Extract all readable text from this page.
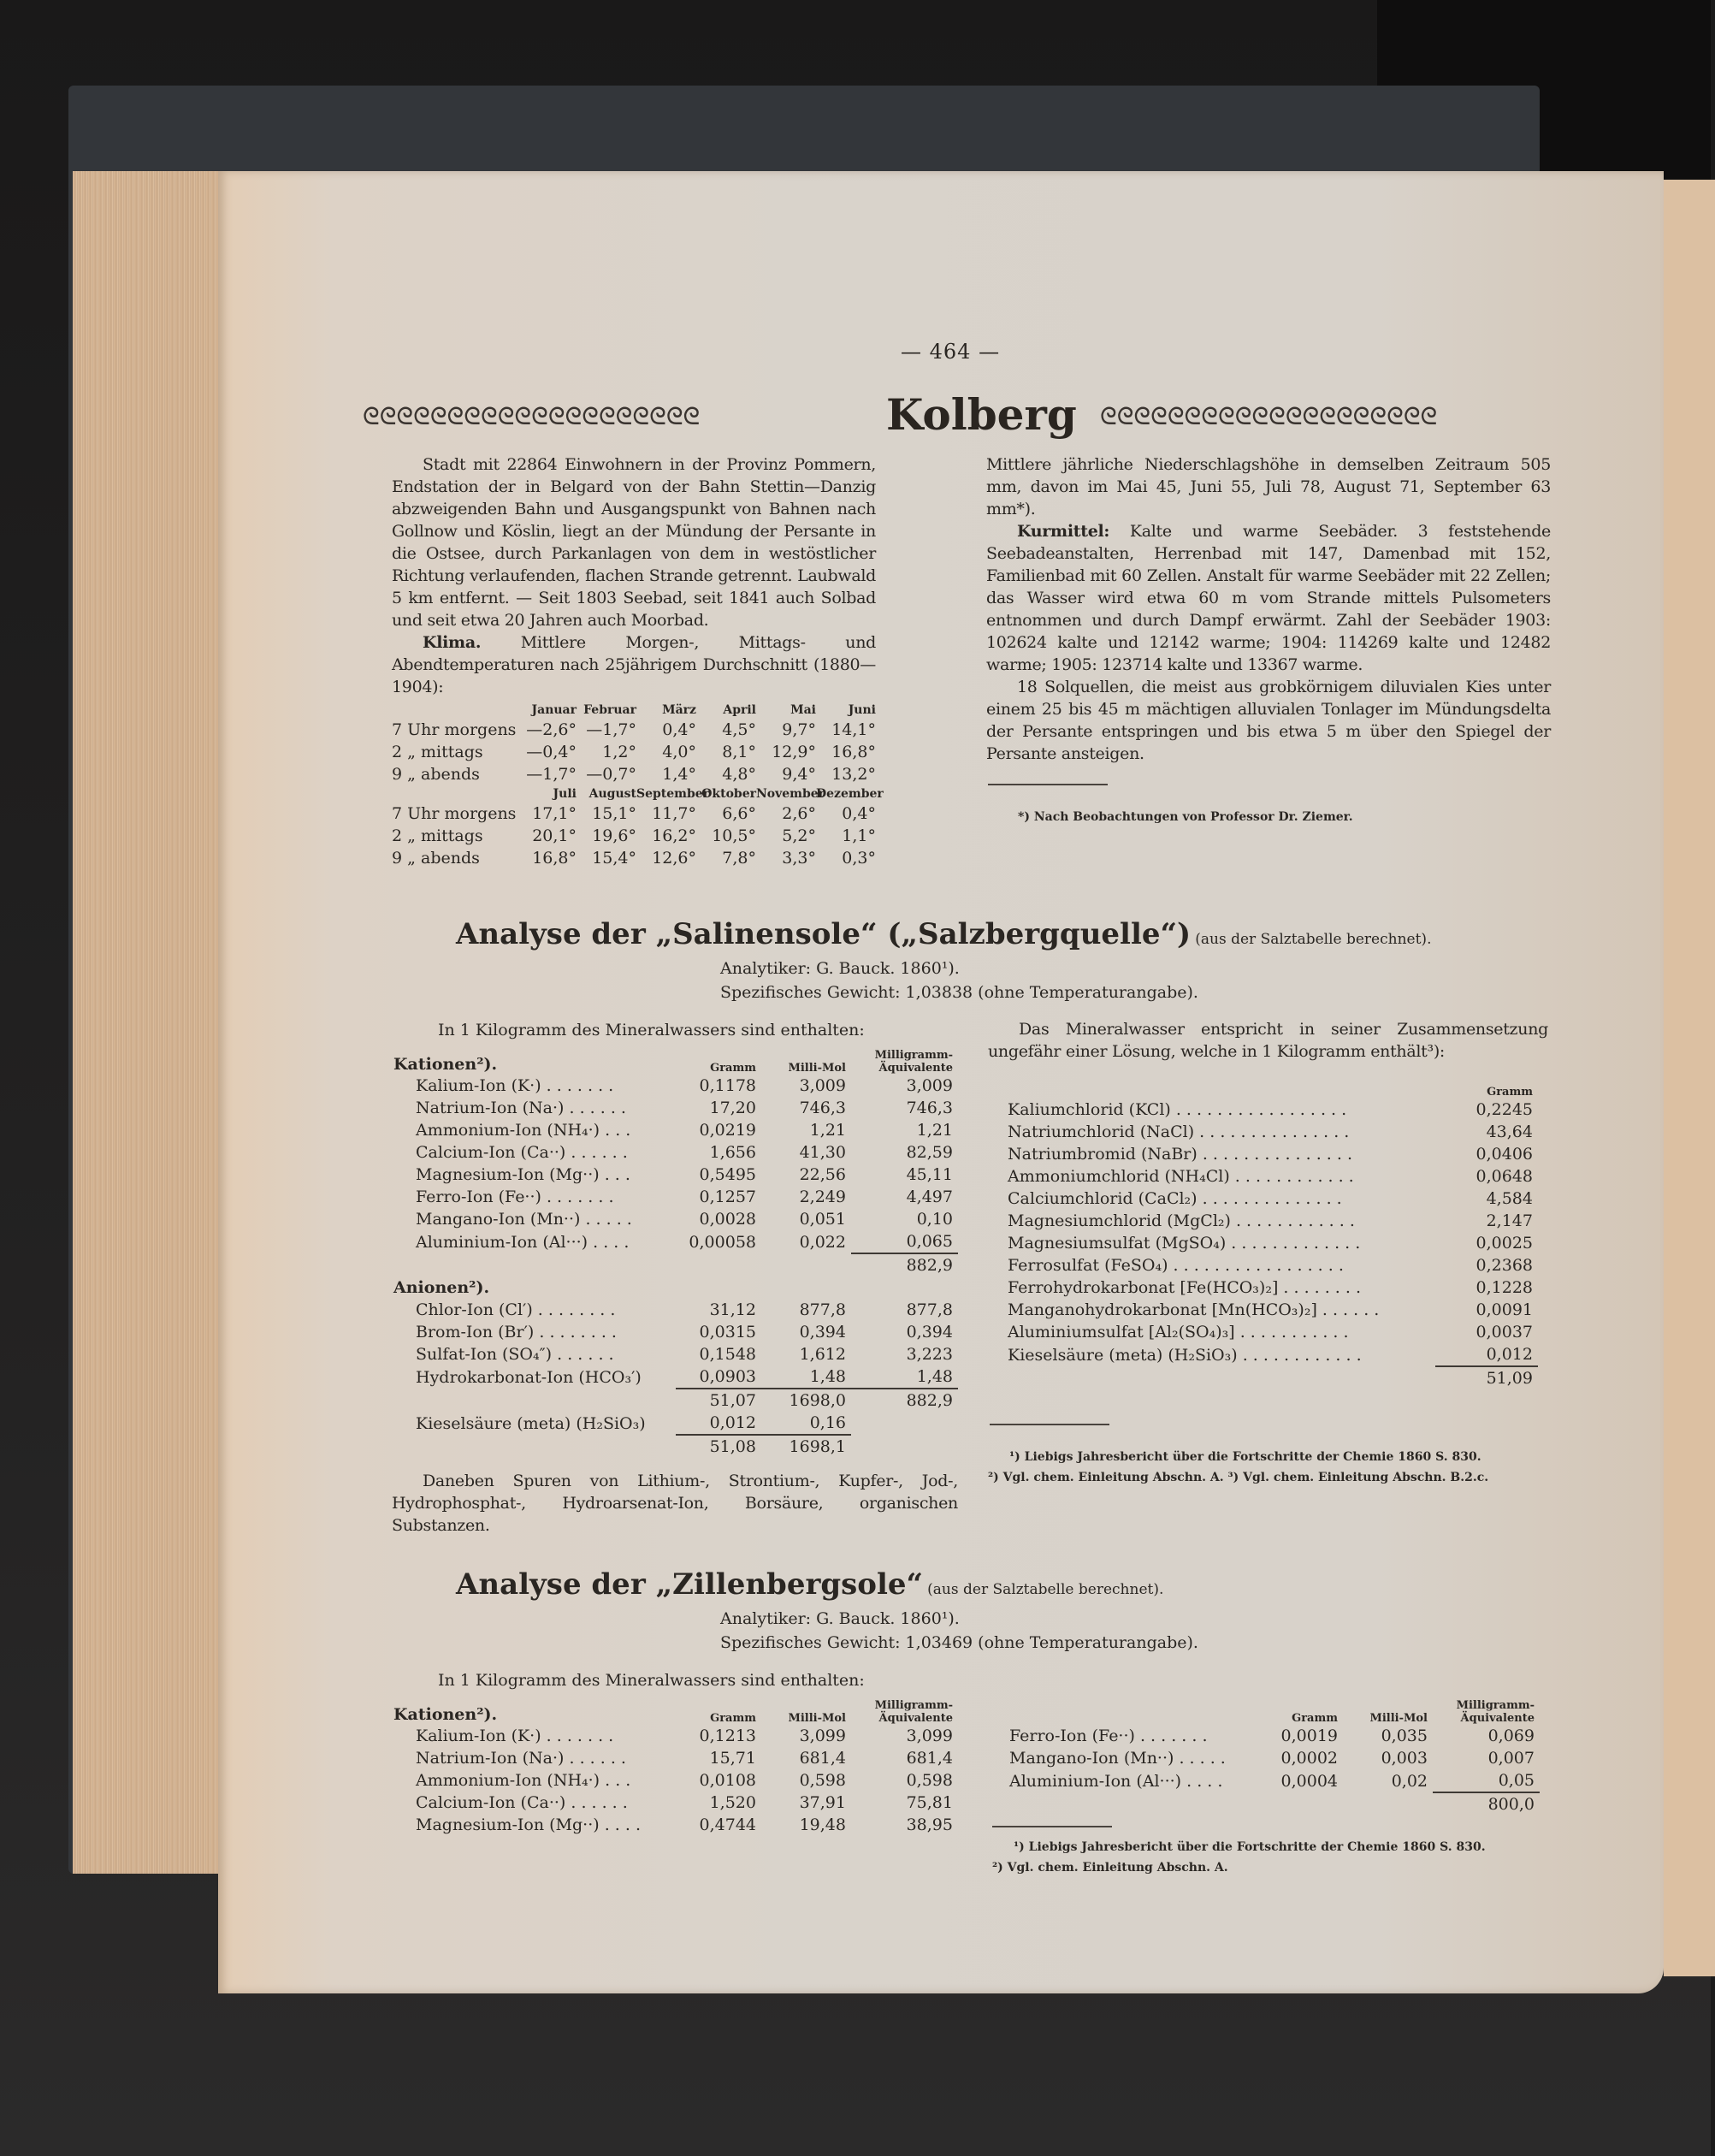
— 464 —
ᘓᘓᘓᘓᘓᘓᘓᘓᘓᘓᘓᘓᘓᘓᘓᘓᘓᘓᘓᘓ	Kolberg ᘓᘓᘓᘓᘓᘓᘓᘓᘓᘓᘓᘓᘓᘓᘓᘓᘓᘓᘓᘓ

Stadt mit 22864 Einwohnern in der Provinz Pommern, Endstation der in Belgard von der Bahn Stettin—Danzig abzweigenden Bahn und Ausgangspunkt von Bahnen nach Gollnow und Köslin, liegt an der Mündung der Persante in die Ostsee, durch Parkanlagen von dem in westöstlicher Richtung verlaufenden, flachen Strande getrennt. Laubwald 5 km entfernt. — Seit 1803 Seebad, seit 1841 auch Solbad und seit etwa 20 Jahren auch Moorbad.

Klima. Mittlere Morgen-, Mittags- und Abendtemperaturen nach 25jährigem Durchschnitt (1880—1904):

	Januar	Februar	März	April	Mai	Juni
7 Uhr morgens	—2,6°	—1,7°	0,4°	4,5°	9,7°	14,1°
2 „ mittags	—0,4°	1,2°	4,0°	8,1°	12,9°	16,8°
9 „ abends	—1,7°	—0,7°	1,4°	4,8°	9,4°	13,2°
	Juli	August	September	Oktober	November	Dezember
7 Uhr morgens	17,1°	15,1°	11,7°	6,6°	2,6°	0,4°
2 „ mittags	20,1°	19,6°	16,2°	10,5°	5,2°	1,1°
9 „ abends	16,8°	15,4°	12,6°	7,8°	3,3°	0,3°

Mittlere jährliche Niederschlagshöhe in demselben Zeitraum 505 mm, davon im Mai 45, Juni 55, Juli 78, August 71, September 63 mm*).

Kurmittel: Kalte und warme Seebäder. 3 feststehende Seebadeanstalten, Herrenbad mit 147, Damenbad mit 152, Familienbad mit 60 Zellen. Anstalt für warme Seebäder mit 22 Zellen; das Wasser wird etwa 60 m vom Strande mittels Pulsometers entnommen und durch Dampf erwärmt. Zahl der Seebäder 1903: 102624 kalte und 12142 warme; 1904: 114269 kalte und 12482 warme; 1905: 123714 kalte und 13367 warme.

18 Solquellen, die meist aus grobkörnigem diluvialen Kies unter einem 25 bis 45 m mächtigen alluvialen Tonlager im Mündungsdelta der Persante entspringen und bis etwa 5 m über den Spiegel der Persante ansteigen.

*) Nach Beobachtungen von Professor Dr. Ziemer.
Analyse der „Salinensole“ („Salzbergquelle“) (aus der Salztabelle berechnet).
Analytiker: G. Bauck. 1860¹).
Spezifisches Gewicht: 1,03838 (ohne Temperaturangabe).
In 1 Kilogramm des Mineralwassers sind enthalten:
Kationen²).	Gramm	Milli-Mol	Milligramm-Äquivalente
Kalium-Ion (K·) . . . . . . .	0,1178	3,009	3,009
Natrium-Ion (Na·) . . . . . .	17,20	746,3	746,3
Ammonium-Ion (NH₄·) . . .	0,0219	1,21	1,21
Calcium-Ion (Ca··) . . . . . .	1,656	41,30	82,59
Magnesium-Ion (Mg··) . . .	0,5495	22,56	45,11
Ferro-Ion (Fe··) . . . . . . .	0,1257	2,249	4,497
Mangano-Ion (Mn··) . . . . .	0,0028	0,051	0,10
Aluminium-Ion (Al···) . . . .	0,00058	0,022	0,065
			882,9
Anionen²).			
Chlor-Ion (Cl′) . . . . . . . .	31,12	877,8	877,8
Brom-Ion (Br′) . . . . . . . .	0,0315	0,394	0,394
Sulfat-Ion (SO₄″) . . . . . .	0,1548	1,612	3,223
Hydrokarbonat-Ion (HCO₃′)	0,0903	1,48	1,48
	51,07	1698,0	882,9
Kieselsäure (meta) (H₂SiO₃)	0,012	0,16	
	51,08	1698,1	

Das Mineralwasser entspricht in seiner Zusammensetzung ungefähr einer Lösung, welche in 1 Kilogramm enthält³):

	Gramm
Kaliumchlorid (KCl) . . . . . . . . . . . . . . . . .	0,2245
Natriumchlorid (NaCl) . . . . . . . . . . . . . . .	43,64
Natriumbromid (NaBr) . . . . . . . . . . . . . . .	0,0406
Ammoniumchlorid (NH₄Cl) . . . . . . . . . . . .	0,0648
Calciumchlorid (CaCl₂) . . . . . . . . . . . . . .	4,584
Magnesiumchlorid (MgCl₂) . . . . . . . . . . . .	2,147
Magnesiumsulfat (MgSO₄) . . . . . . . . . . . . .	0,0025
Ferrosulfat (FeSO₄) . . . . . . . . . . . . . . . . .	0,2368
Ferrohydrokarbonat [Fe(HCO₃)₂] . . . . . . . .	0,1228
Manganohydrokarbonat [Mn(HCO₃)₂] . . . . . .	0,0091
Aluminiumsulfat [Al₂(SO₄)₃] . . . . . . . . . . .	0,0037
Kieselsäure (meta) (H₂SiO₃) . . . . . . . . . . . .	0,012
	51,09

Daneben Spuren von Lithium-, Strontium-, Kupfer-, Jod-, Hydrophosphat-, Hydroarsenat-Ion, Borsäure, organischen Substanzen.

¹) Liebigs Jahresbericht über die Fortschritte der Chemie 1860 S. 830.
²) Vgl. chem. Einleitung Abschn. A. ³) Vgl. chem. Einleitung Abschn. B.2.c.
Analyse der „Zillenbergsole“ (aus der Salztabelle berechnet).
Analytiker: G. Bauck. 1860¹).
Spezifisches Gewicht: 1,03469 (ohne Temperaturangabe).
In 1 Kilogramm des Mineralwassers sind enthalten:
Kationen²).	Gramm	Milli-Mol	Milligramm-Äquivalente
Kalium-Ion (K·) . . . . . . .	0,1213	3,099	3,099
Natrium-Ion (Na·) . . . . . .	15,71	681,4	681,4
Ammonium-Ion (NH₄·) . . .	0,0108	0,598	0,598
Calcium-Ion (Ca··) . . . . . .	1,520	37,91	75,81
Magnesium-Ion (Mg··) . . . .	0,4744	19,48	38,95
	Gramm	Milli-Mol	Milligramm-Äquivalente
Ferro-Ion (Fe··) . . . . . . .	0,0019	0,035	0,069
Mangano-Ion (Mn··) . . . . .	0,0002	0,003	0,007
Aluminium-Ion (Al···) . . . .	0,0004	0,02	0,05
			800,0
¹) Liebigs Jahresbericht über die Fortschritte der Chemie 1860 S. 830.
²) Vgl. chem. Einleitung Abschn. A.
